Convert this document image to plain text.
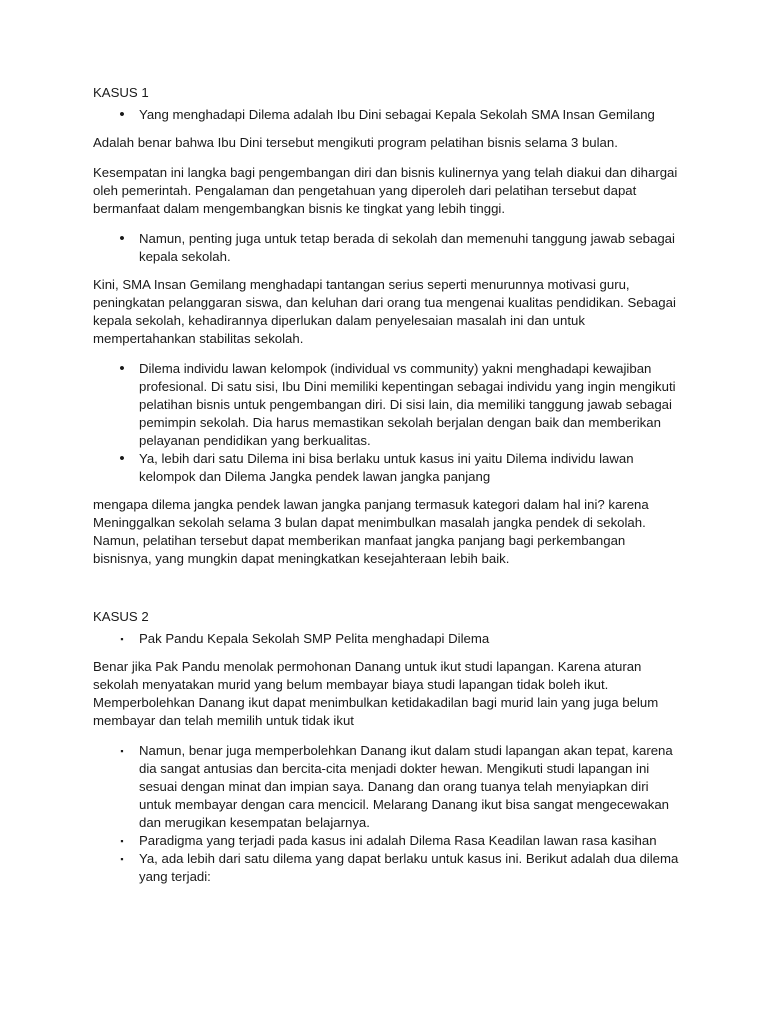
KASUS 1
• Yang menghadapi Dilema adalah Ibu Dini sebagai Kepala Sekolah SMA Insan Gemilang

Adalah benar bahwa Ibu Dini tersebut mengikuti program pelatihan bisnis selama 3 bulan.

Kesempatan ini langka bagi pengembangan diri dan bisnis kulinernya yang telah diakui dan dihargai oleh pemerintah. Pengalaman dan pengetahuan yang diperoleh dari pelatihan tersebut dapat bermanfaat dalam mengembangkan bisnis ke tingkat yang lebih tinggi.

• Namun, penting juga untuk tetap berada di sekolah dan memenuhi tanggung jawab sebagai kepala sekolah.

Kini, SMA Insan Gemilang menghadapi tantangan serius seperti menurunnya motivasi guru, peningkatan pelanggaran siswa, dan keluhan dari orang tua mengenai kualitas pendidikan. Sebagai kepala sekolah, kehadirannya diperlukan dalam penyelesaian masalah ini dan untuk mempertahankan stabilitas sekolah.

• Dilema individu lawan kelompok (individual vs community) yakni menghadapi kewajiban profesional. Di satu sisi, Ibu Dini memiliki kepentingan sebagai individu yang ingin mengikuti pelatihan bisnis untuk pengembangan diri. Di sisi lain, dia memiliki tanggung jawab sebagai pemimpin sekolah. Dia harus memastikan sekolah berjalan dengan baik dan memberikan pelayanan pendidikan yang berkualitas.
• Ya, lebih dari satu Dilema ini bisa berlaku untuk kasus ini yaitu Dilema individu lawan kelompok dan Dilema Jangka pendek lawan jangka panjang

mengapa dilema jangka pendek lawan jangka panjang termasuk kategori dalam hal ini? karena Meninggalkan sekolah selama 3 bulan dapat menimbulkan masalah jangka pendek di sekolah. Namun, pelatihan tersebut dapat memberikan manfaat jangka panjang bagi perkembangan bisnisnya, yang mungkin dapat meningkatkan kesejahteraan lebih baik.

KASUS 2
▪	Pak Pandu Kepala Sekolah SMP Pelita menghadapi Dilema

Benar jika Pak Pandu menolak permohonan Danang untuk ikut studi lapangan. Karena aturan sekolah menyatakan murid yang belum membayar biaya studi lapangan tidak boleh ikut. Memperbolehkan Danang ikut dapat menimbulkan ketidakadilan bagi murid lain yang juga belum membayar dan telah memilih untuk tidak ikut

▪	Namun, benar juga memperbolehkan Danang ikut dalam studi lapangan akan tepat, karena dia sangat antusias dan bercita-cita menjadi dokter hewan. Mengikuti studi lapangan ini sesuai dengan minat dan impian saya. Danang dan orang tuanya telah menyiapkan diri untuk membayar dengan cara mencicil. Melarang Danang ikut bisa sangat mengecewakan dan merugikan kesempatan belajarnya.
▪	Paradigma yang terjadi pada kasus ini adalah Dilema Rasa Keadilan lawan rasa kasihan
▪	Ya, ada lebih dari satu dilema yang dapat berlaku untuk kasus ini. Berikut adalah dua dilema yang terjadi:
